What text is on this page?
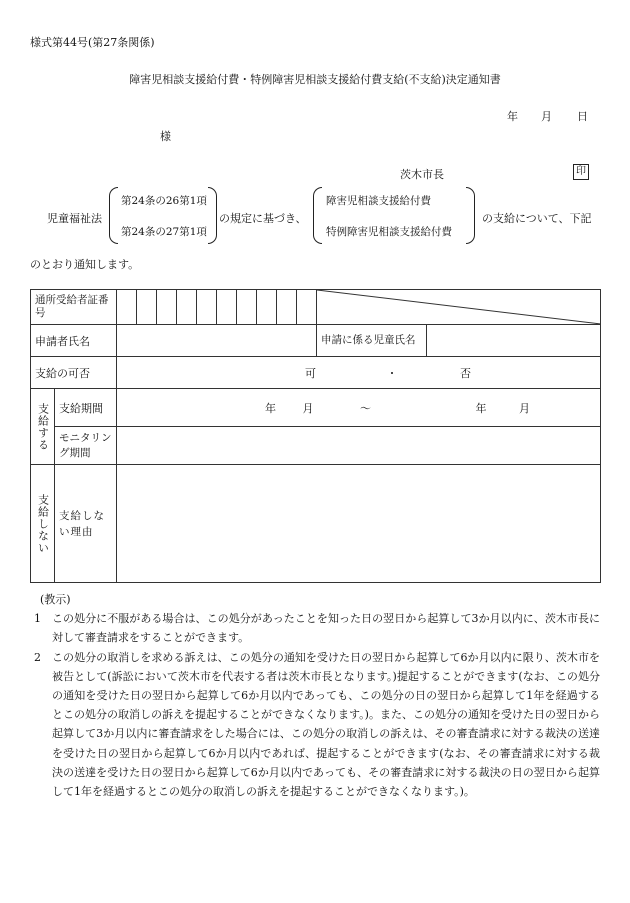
様式第44号(第27条関係)
障害児相談支援給付費・特例障害児相談支援給付費支給(不支給)決定通知書
年 月 日
様
茨木市長	印
児童福祉法
第24条の26第1項
第24条の27第1項
の規定に基づき、
障害児相談支援給付費
特例障害児相談支援給付費
の支給について、下記
のとおり通知します。
通所受給者証番号	

申請者氏名			申請に係る児童氏名	
支給の可否		可 ・ 否		

支給する	支給期間	年 月 〜 年 月		
	モニタリング期間			

支給しない	支給しない理由			
(教示)
1	この処分に不服がある場合は、この処分があったことを知った日の翌日から起算して3か月以内に、茨木市長に対して審査請求をすることができます。
2	この処分の取消しを求める訴えは、この処分の通知を受けた日の翌日から起算して6か月以内に限り、茨木市を被告として(訴訟において茨木市を代表する者は茨木市長となります。)提起することができます(なお、この処分の通知を受けた日の翌日から起算して6か月以内であっても、この処分の日の翌日から起算して1年を経過するとこの処分の取消しの訴えを提起することができなくなります。)。また、この処分の通知を受けた日の翌日から起算して3か月以内に審査請求をした場合には、この処分の取消しの訴えは、その審査請求に対する裁決の送達を受けた日の翌日から起算して6か月以内であれば、提起することができます(なお、その審査請求に対する裁決の送達を受けた日の翌日から起算して6か月以内であっても、その審査請求に対する裁決の日の翌日から起算して1年を経過するとこの処分の取消しの訴えを提起することができなくなります。)。
